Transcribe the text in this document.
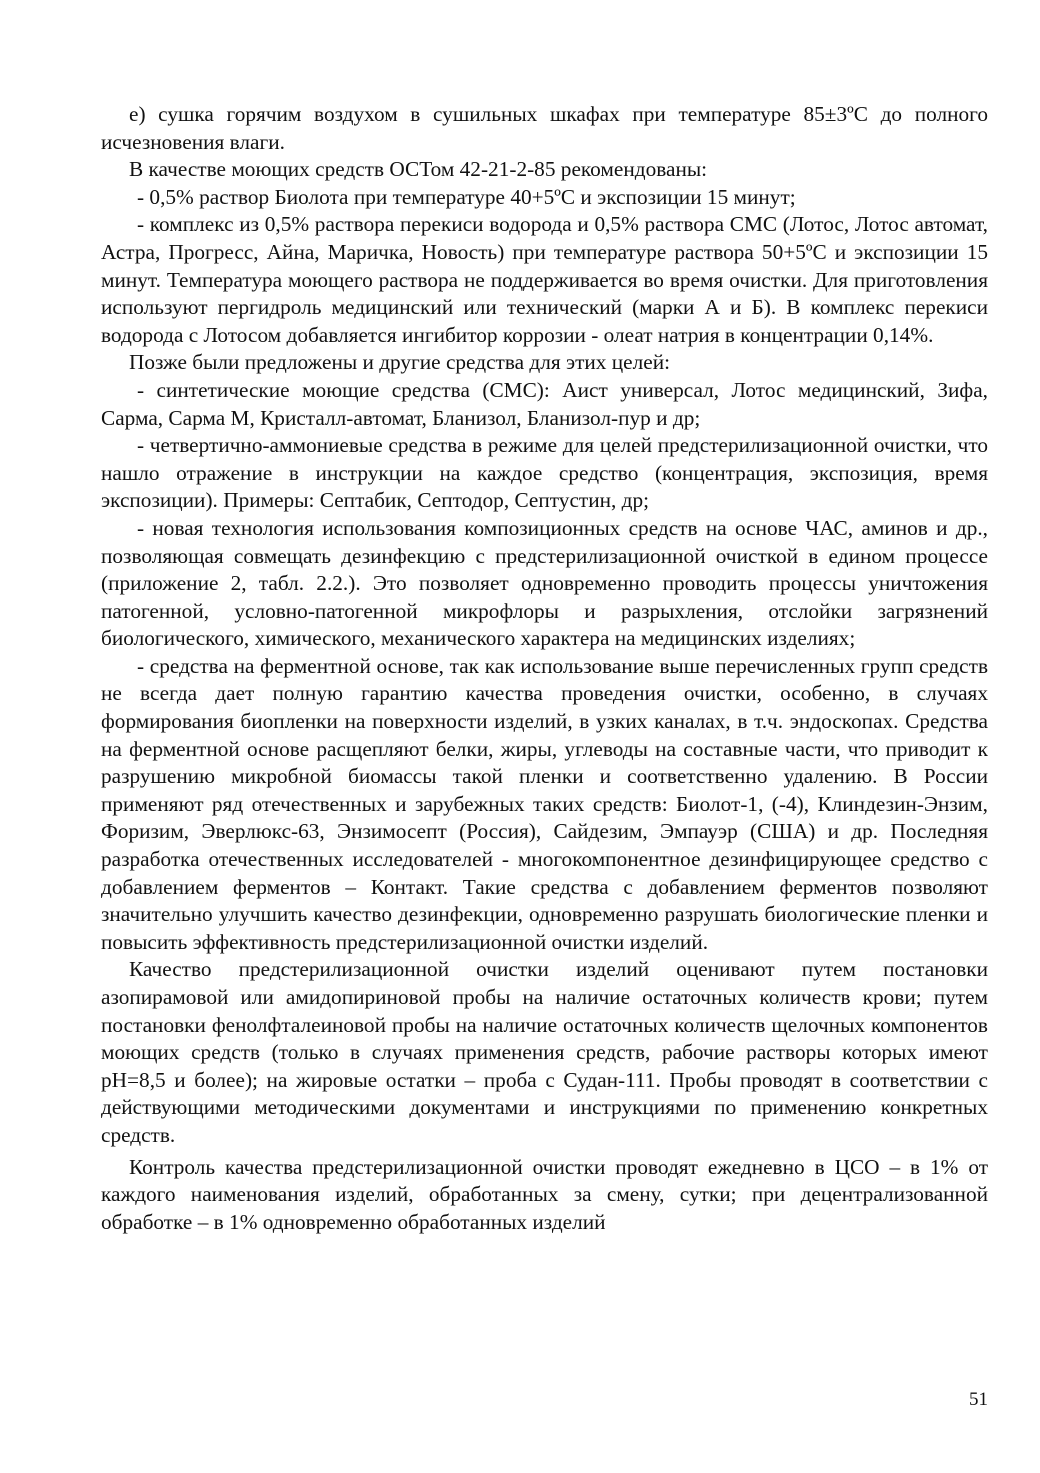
е) сушка горячим воздухом в сушильных шкафах при температуре 85±3ºС до полного исчезновения влаги.

В качестве моющих средств ОСТом 42-21-2-85 рекомендованы:

- 0,5% раствор Биолота при температуре 40+5ºС и экспозиции 15 минут;

- комплекс из 0,5% раствора перекиси водорода и 0,5% раствора СМС (Лотос, Лотос автомат, Астра, Прогресс, Айна, Маричка, Новость) при температуре раствора 50+5ºС и экспозиции 15 минут. Температура моющего раствора не поддерживается во время очистки. Для приготовления используют пергидроль медицинский или технический (марки А и Б). В комплекс перекиси водорода с Лотосом добавляется ингибитор коррозии - олеат натрия в концентрации 0,14%.

Позже были предложены и другие средства для этих целей:

- синтетические моющие средства (СМС): Аист универсал, Лотос медицинский, Зифа, Сарма, Сарма М, Кристалл-автомат, Бланизол, Бланизол-пур и др;

- четвертично-аммониевые средства в режиме для целей предстерилизационной очистки, что нашло отражение в инструкции на каждое средство (концентрация, экспозиция, время экспозиции). Примеры: Септабик, Септодор, Септустин, др;

- новая технология использования композиционных средств на основе ЧАС, аминов и др., позволяющая совмещать дезинфекцию с предстерилизационной очисткой в едином процессе (приложение 2, табл. 2.2.). Это позволяет одновременно проводить процессы уничтожения патогенной, условно-патогенной микрофлоры и разрыхления, отслойки загрязнений биологического, химического, механического характера на медицинских изделиях;

- средства на ферментной основе, так как использование выше перечисленных групп средств не всегда дает полную гарантию качества проведения очистки, особенно, в случаях формирования биопленки на поверхности изделий, в узких каналах, в т.ч. эндоскопах. Средства на ферментной основе расщепляют белки, жиры, углеводы на составные части, что приводит к разрушению микробной биомассы такой пленки и соответственно удалению. В России применяют ряд отечественных и зарубежных таких средств: Биолот-1, (-4), Клиндезин-Энзим, Форизим, Эверлюкс-63, Энзимосепт (Россия), Сайдезим, Эмпауэр (США) и др. Последняя разработка отечественных исследователей - многокомпонентное дезинфицирующее средство с добавлением ферментов – Контакт. Такие средства с добавлением ферментов позволяют значительно улучшить качество дезинфекции, одновременно разрушать биологические пленки и повысить эффективность предстерилизационной очистки изделий.

Качество предстерилизационной очистки изделий оценивают путем постановки азопирамовой или амидопириновой пробы на наличие остаточных количеств крови; путем постановки фенолфталеиновой пробы на наличие остаточных количеств щелочных компонентов моющих средств (только в случаях применения средств, рабочие растворы которых имеют pH=8,5 и более); на жировые остатки – проба с Судан-111. Пробы проводят в соответствии с действующими методическими документами и инструкциями по применению конкретных средств.

Контроль качества предстерилизационной очистки проводят ежедневно в ЦСО – в 1% от каждого наименования изделий, обработанных за смену, сутки; при децентрализованной обработке – в 1% одновременно обработанных изделий

51
